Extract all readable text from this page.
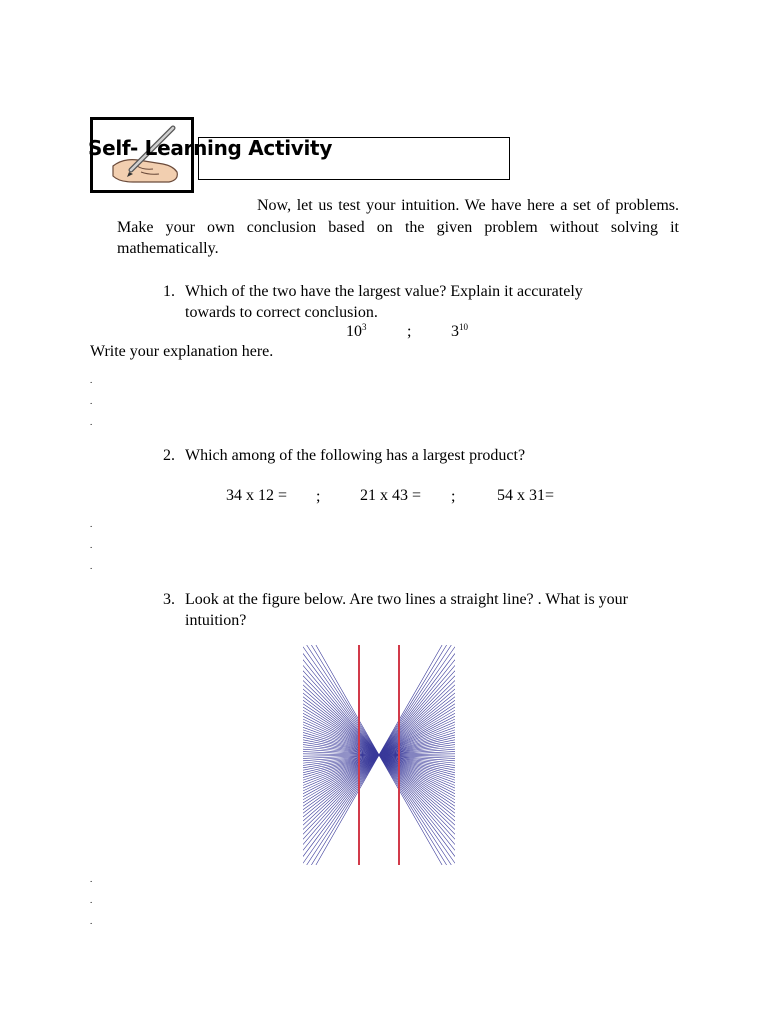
Self- Learning Activity
Now, let us test your intuition. We have here a set of problems. Make your own conclusion based on the given problem without solving it mathematically.
1. Which of the two have the largest value? Explain it accurately
towards to correct conclusion.
$10^3$	; $3^{10}$
Write your explanation here.
.
.
.
2. Which among of the following has a largest product?
34 x 12 = ; 21 x 43 = ;	54 x 31=
.
.
.
3. Look at the figure below. Are two lines a straight line? . What is your
intuition?
.
.
.
